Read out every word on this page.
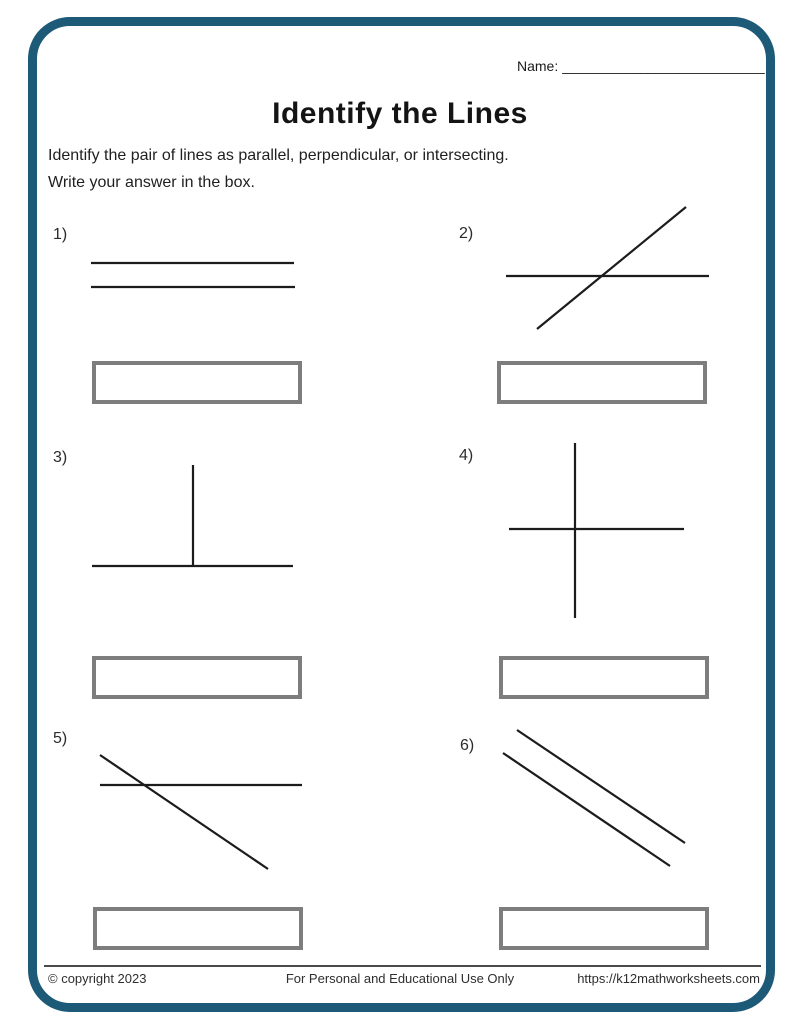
Name: __________________________
Identify the Lines
Identify the pair of lines as parallel, perpendicular, or intersecting.
Write your answer in the box.
1)	2)
3)	4)
5)	6)
© copyright 2023	For Personal and Educational Use Only	https://k12mathworksheets.com
